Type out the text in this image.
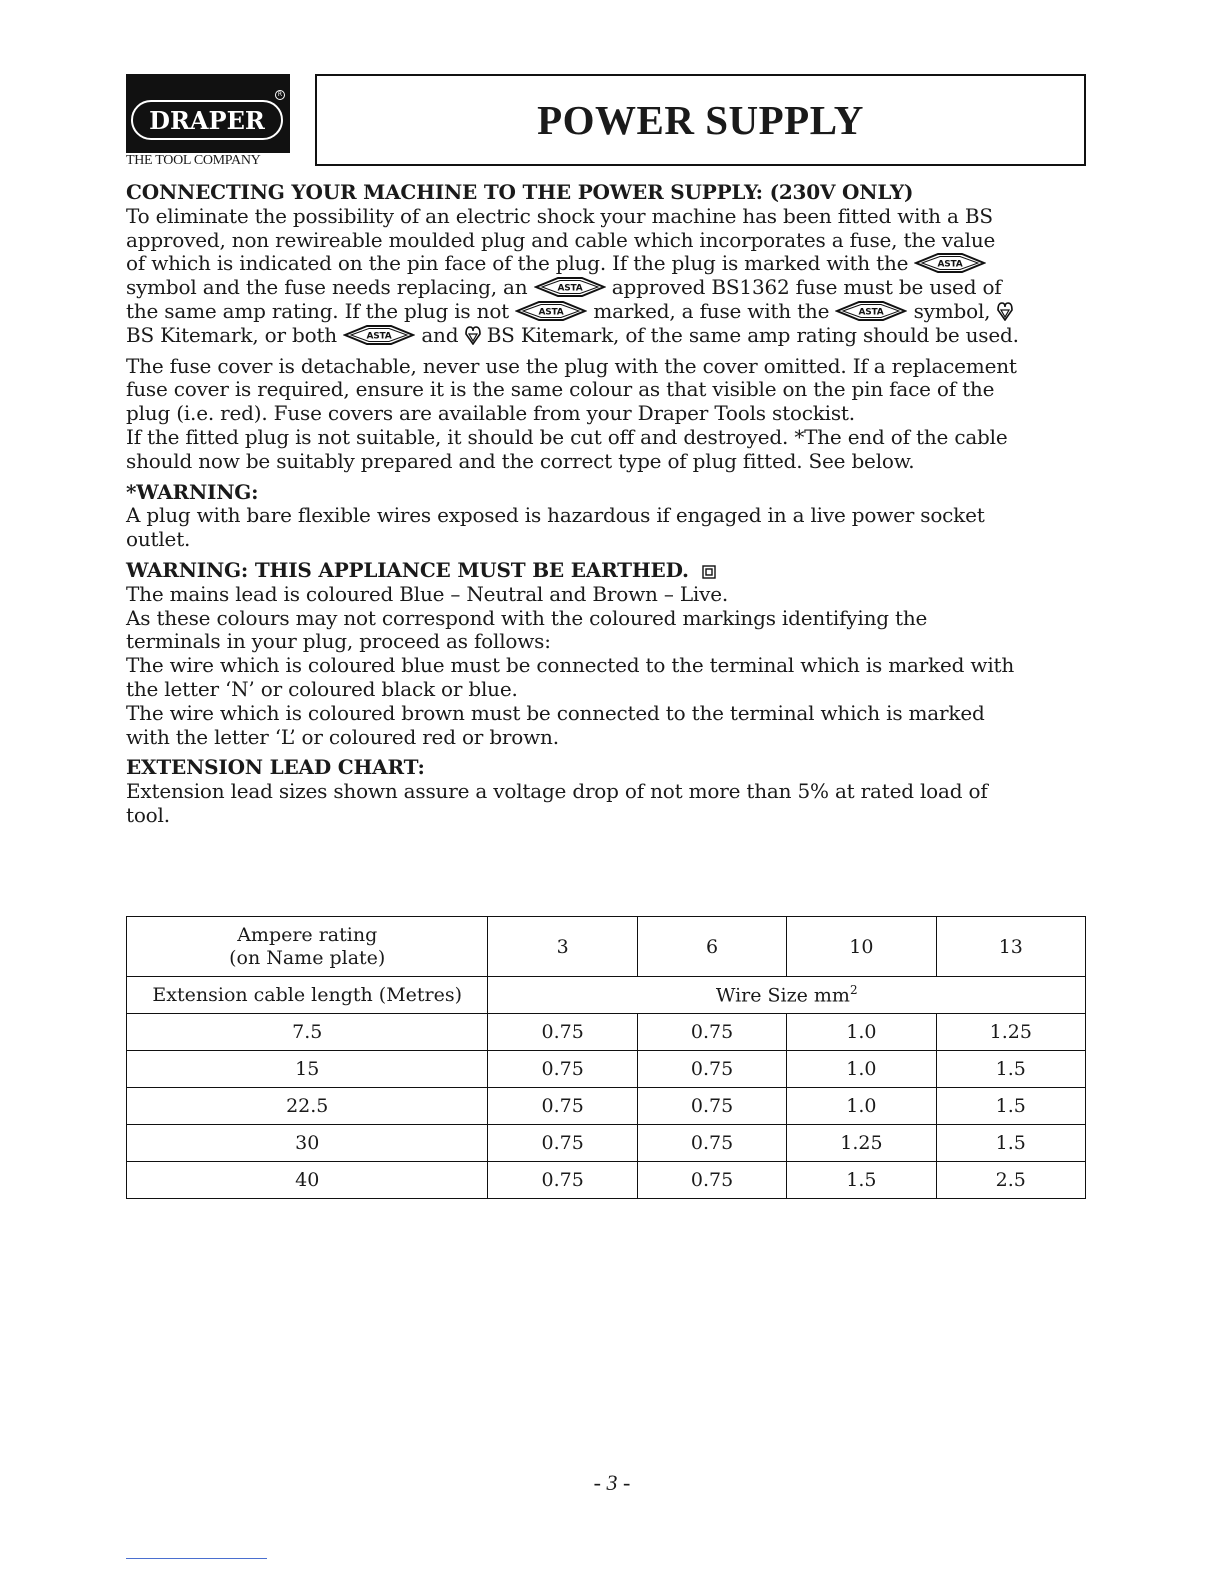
R
DRAPER
THE TOOL COMPANY
POWER SUPPLY

CONNECTING YOUR MACHINE TO THE POWER SUPPLY: (230V ONLY)

To eliminate the possibility of an electric shock your machine has been fitted with a BS

approved, non rewireable moulded plug and cable which incorporates a fuse, the value

of which is indicated on the pin face of the plug. If the plug is marked with the

symbol and the fuse needs replacing, an	approved BS1362 fuse must be used of

the same amp rating. If the plug is not	marked, a fuse with the	symbol,

BS Kitemark, or both	and BS Kitemark, of the same amp rating should be used.

The fuse cover is detachable, never use the plug with the cover omitted. If a replacement

fuse cover is required, ensure it is the same colour as that visible on the pin face of the

plug (i.e. red). Fuse covers are available from your Draper Tools stockist.

If the fitted plug is not suitable, it should be cut off and destroyed. *The end of the cable

should now be suitably prepared and the correct type of plug fitted. See below.

*WARNING:

A plug with bare flexible wires exposed is hazardous if engaged in a live power socket

outlet.

WARNING: THIS APPLIANCE MUST BE EARTHED.

The mains lead is coloured Blue – Neutral and Brown – Live.

As these colours may not correspond with the coloured markings identifying the

terminals in your plug, proceed as follows:

The wire which is coloured blue must be connected to the terminal which is marked with

the letter ‘N’ or coloured black or blue.

The wire which is coloured brown must be connected to the terminal which is marked

with the letter ‘L’ or coloured red or brown.

EXTENSION LEAD CHART:

Extension lead sizes shown assure a voltage drop of not more than 5% at rated load of

tool.

Ampere rating
(on Name plate)	3	6	10	13
Extension cable length (Metres)	Wire Size $mm^2$
7.5	0.75	0.75	1.0	1.25
15	0.75	0.75	1.0	1.5
22.5	0.75	0.75	1.0	1.5
30	0.75	0.75	1.25	1.5
40	0.75	0.75	1.5	2.5
- 3 -
